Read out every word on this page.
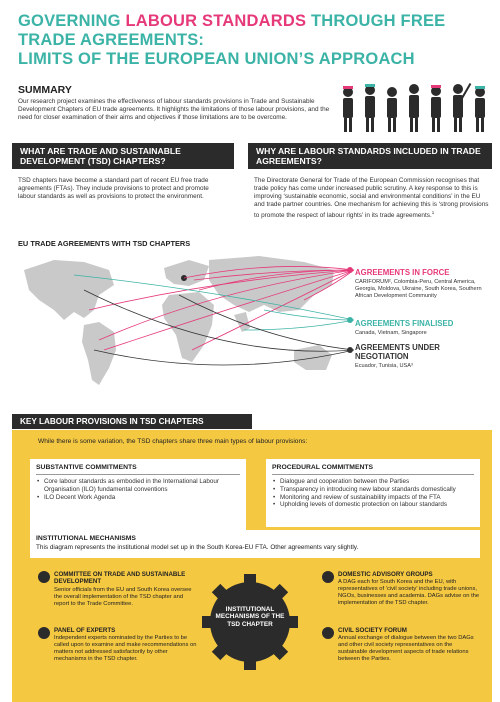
GOVERNING LABOUR STANDARDS THROUGH FREE TRADE AGREEMENTS:
LIMITS OF THE EUROPEAN UNION’S APPROACH
SUMMARY
Our research project examines the effectiveness of labour standards provisions in Trade and Sustainable Development Chapters of EU trade agreements. It highlights the limitations of those labour provisions, and the need for closer examination of their aims and objectives if those limitations are to be overcome.
WHAT ARE TRADE AND SUSTAINABLE DEVELOPMENT (TSD) CHAPTERS?
WHY ARE LABOUR STANDARDS INCLUDED IN TRADE AGREEMENTS?
TSD chapters have become a standard part of recent EU free trade agreements (FTAs). They include provisions to protect and promote labour standards as well as provisions to protect the environment.
The Directorate General for Trade of the European Commission recognises that trade policy has come under increased public scrutiny. A key response to this is improving ‘sustainable economic, social and environmental conditions’ in the EU and trade partner countries. One mechanism for achieving this is ‘strong provisions to promote the respect of labour rights’ in its trade agreements.$^1$
EU TRADE AGREEMENTS WITH TSD CHAPTERS
AGREEMENTS IN FORCE
CARIFORUM², Colombia-Peru, Central America, Georgia, Moldova, Ukraine, South Korea, Southern African Development Community
AGREEMENTS FINALISED
Canada, Vietnam, Singapore
AGREEMENTS UNDER NEGOTIATION
Ecuador, Tunisia, USA³
KEY LABOUR PROVISIONS IN TSD CHAPTERS
While there is some variation, the TSD chapters share three main types of labour provisions:
SUBSTANTIVE COMMITMENTS
• Core labour standards as embodied in the International Labour Organisation (ILO) fundamental conventions
• ILO Decent Work Agenda
PROCEDURAL COMMITMENTS
• Dialogue and cooperation between the Parties
• Transparency in introducing new labour standards domestically
• Monitoring and review of sustainability impacts of the FTA
• Upholding levels of domestic protection on labour standards
INSTITUTIONAL MECHANISMS
This diagram represents the institutional model set up in the South Korea-EU FTA. Other agreements vary slightly.
COMMITTEE ON TRADE AND SUSTAINABLE DEVELOPMENT
Senior officials from the EU and South Korea oversee the overall implementation of the TSD chapter and report to the Trade Committee.
PANEL OF EXPERTS
Independent experts nominated by the Parties to be called upon to examine and make recommendations on matters not addressed satisfactorily by other mechanisms in the TSD chapter.
DOMESTIC ADVISORY GROUPS
A DAG each for South Korea and the EU, with representatives of ‘civil society’ including trade unions, NGOs, businesses and academia. DAGs advise on the implementation of the TSD chapter.
CIVIL SOCIETY FORUM
Annual exchange of dialogue between the two DAGs and other civil society representatives on the sustainable development aspects of trade relations between the Parties.
INSTITUTIONAL MECHANISMS OF THE TSD CHAPTER
